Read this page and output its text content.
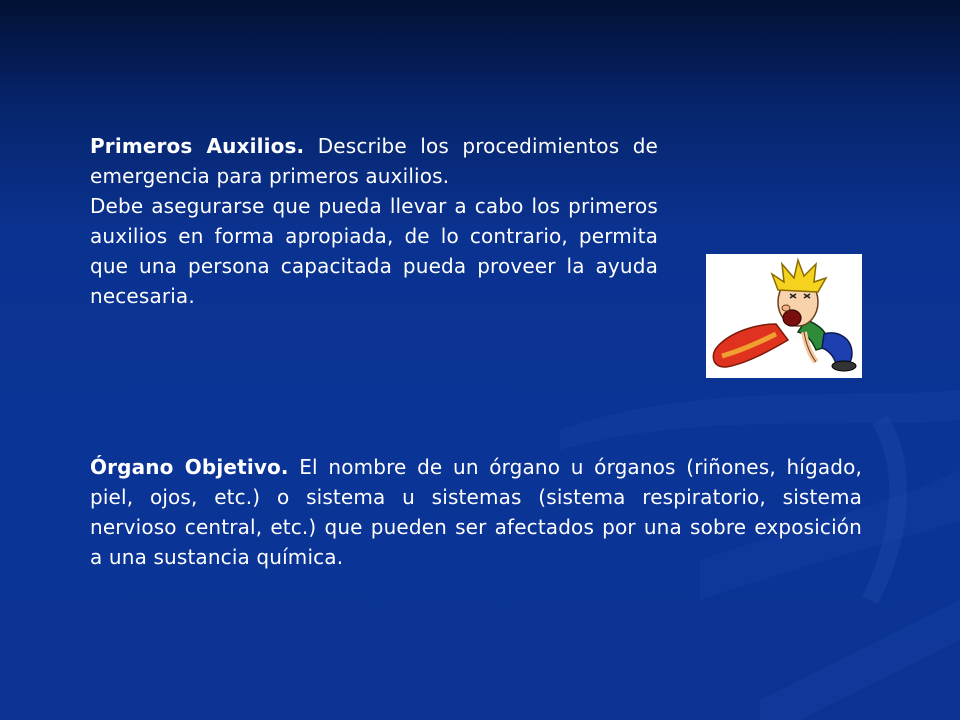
Primeros Auxilios. Describe los procedimientos de emergencia para primeros auxilios.

Debe asegurarse que pueda llevar a cabo los primeros auxilios en forma apropiada, de lo contrario, permita que una persona capacitada pueda proveer la ayuda necesaria.

Órgano Objetivo. El nombre de un órgano u órganos (riñones, hígado, piel, ojos, etc.) o sistema u sistemas (sistema respiratorio, sistema nervioso central, etc.) que pueden ser afectados por una sobre exposición a una sustancia química.
